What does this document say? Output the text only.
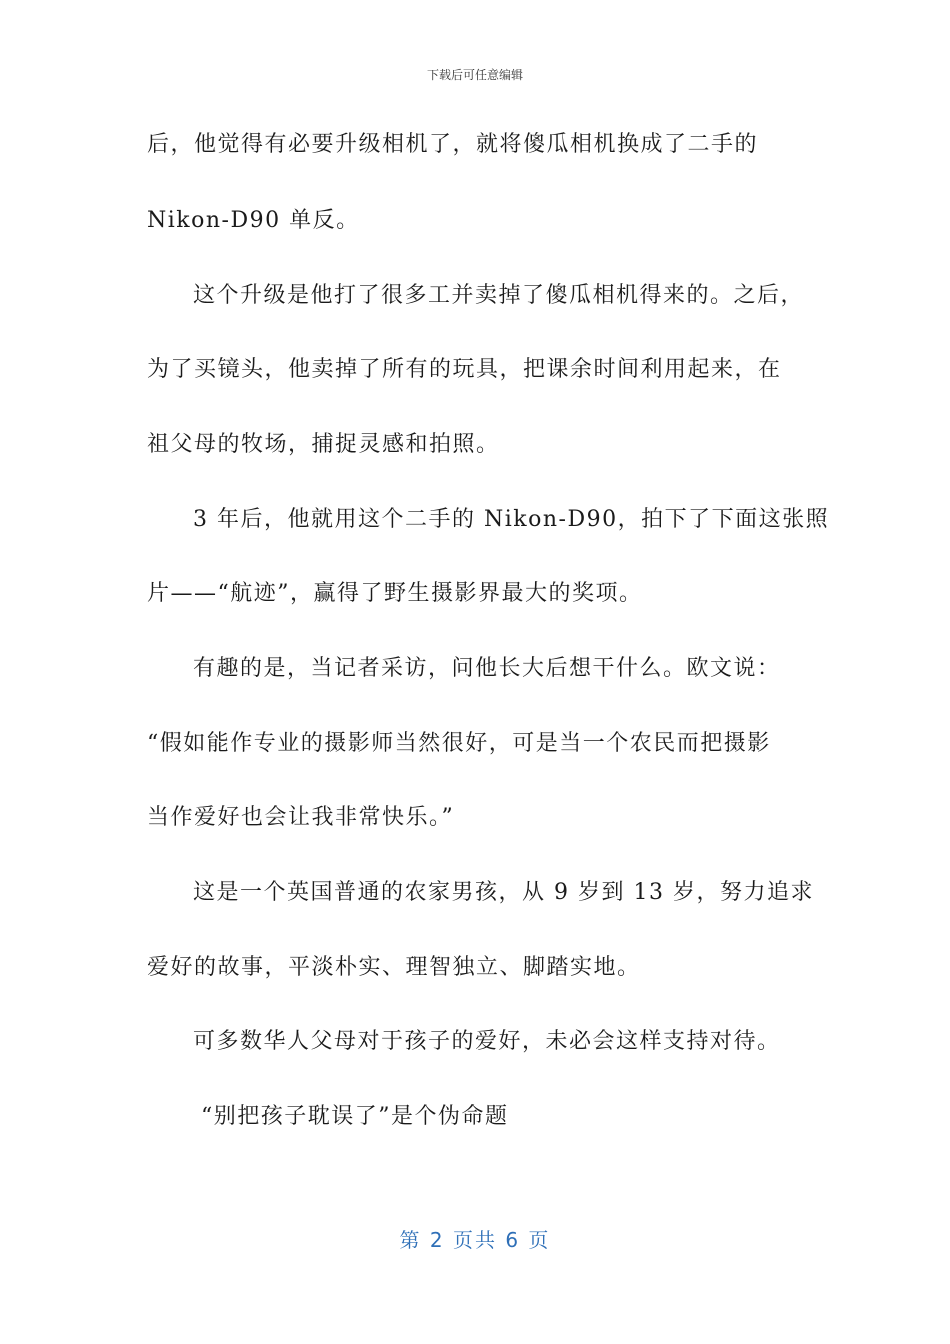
下载后可任意编辑
后，他觉得有必要升级相机了，就将傻瓜相机换成了二手的
Nikon-D90 单反。
这个升级是他打了很多工并卖掉了傻瓜相机得来的。之后，
为了买镜头，他卖掉了所有的玩具，把课余时间利用起来，在
祖父母的牧场，捕捉灵感和拍照。
3 年后，他就用这个二手的 Nikon-D90，拍下了下面这张照
片——“航迹”，赢得了野生摄影界最大的奖项。
有趣的是，当记者采访，问他长大后想干什么。欧文说：
“假如能作专业的摄影师当然很好，可是当一个农民而把摄影
当作爱好也会让我非常快乐。”
这是一个英国普通的农家男孩，从 9 岁到 13 岁，努力追求
爱好的故事，平淡朴实、理智独立、脚踏实地。
可多数华人父母对于孩子的爱好，未必会这样支持对待。
“别把孩子耽误了”是个伪命题
第 2 页共 6 页
